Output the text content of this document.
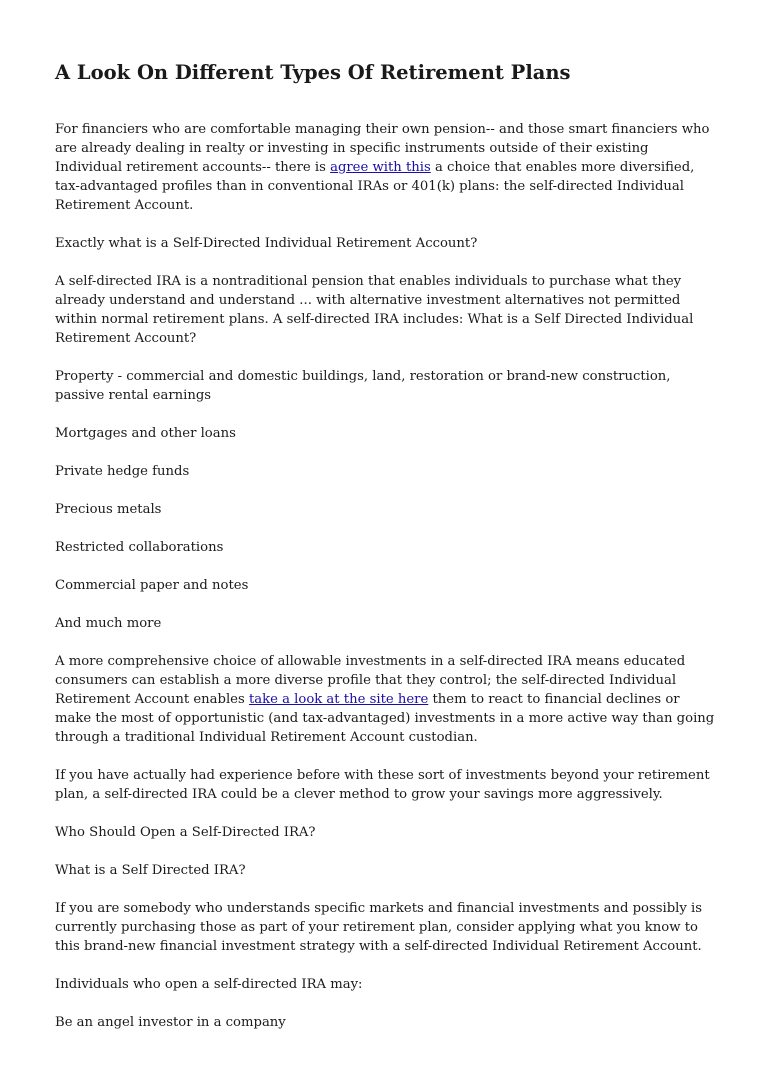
A Look On Different Types Of Retirement Plans

For financiers who are comfortable managing their own pension-- and those smart financiers who are already dealing in realty or investing in specific instruments outside of their existing Individual retirement accounts-- there is agree with this a choice that enables more diversified, tax-advantaged profiles than in conventional IRAs or 401(k) plans: the self-directed Individual Retirement Account.

Exactly what is a Self-Directed Individual Retirement Account?

A self-directed IRA is a nontraditional pension that enables individuals to purchase what they already understand and understand ... with alternative investment alternatives not permitted within normal retirement plans. A self-directed IRA includes: What is a Self Directed Individual Retirement Account?

Property - commercial and domestic buildings, land, restoration or brand-new construction, passive rental earnings

Mortgages and other loans

Private hedge funds

Precious metals

Restricted collaborations

Commercial paper and notes

And much more

A more comprehensive choice of allowable investments in a self-directed IRA means educated consumers can establish a more diverse profile that they control; the self-directed Individual Retirement Account enables take a look at the site here them to react to financial declines or make the most of opportunistic (and tax-advantaged) investments in a more active way than going through a traditional Individual Retirement Account custodian.

If you have actually had experience before with these sort of investments beyond your retirement plan, a self-directed IRA could be a clever method to grow your savings more aggressively.

Who Should Open a Self-Directed IRA?

What is a Self Directed IRA?

If you are somebody who understands specific markets and financial investments and possibly is currently purchasing those as part of your retirement plan, consider applying what you know to this brand-new financial investment strategy with a self-directed Individual Retirement Account.

Individuals who open a self-directed IRA may:

Be an angel investor in a company
